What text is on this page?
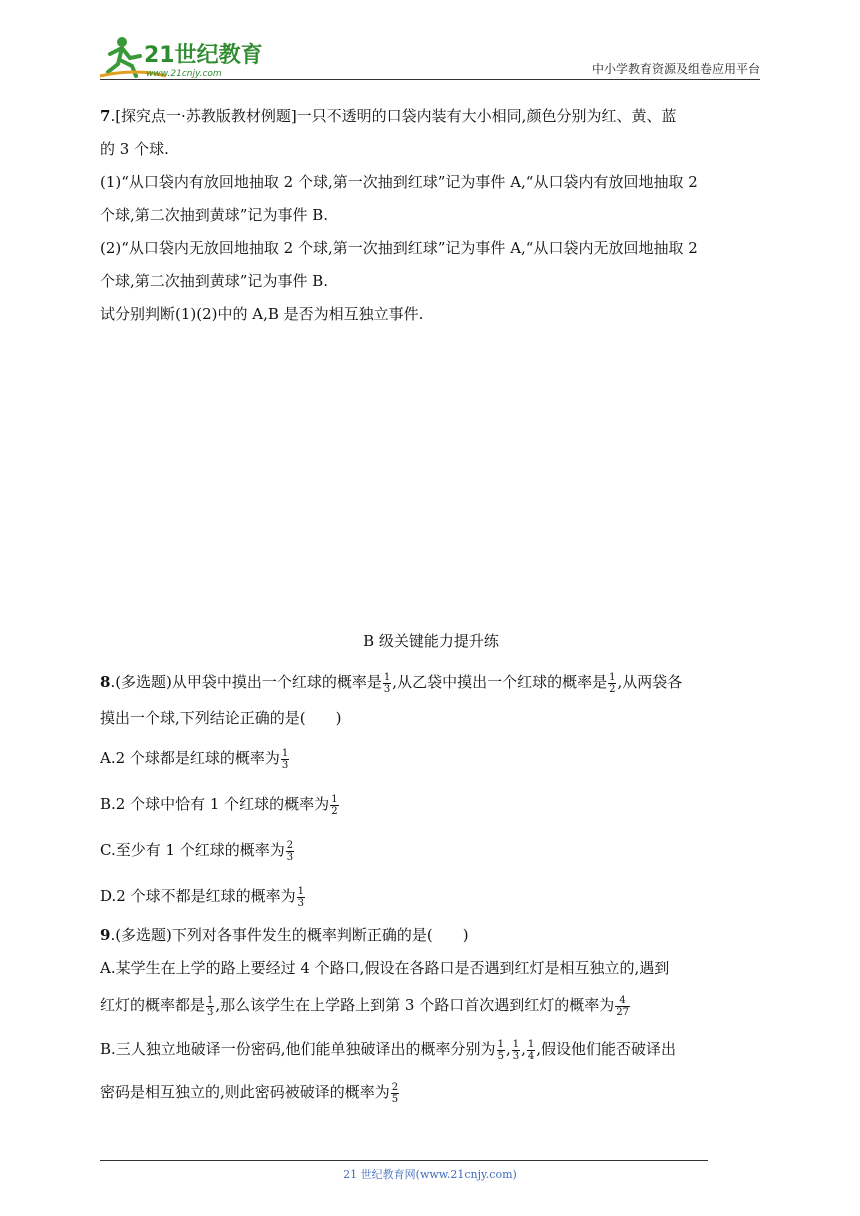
21世纪教育
www.21cnjy.com	中小学教育资源及组卷应用平台

7.[探究点一·苏教版教材例题]一只不透明的口袋内装有大小相同,颜色分别为红、黄、蓝

的 3 个球.

(1)“从口袋内有放回地抽取 2 个球,第一次抽到红球”记为事件 A,“从口袋内有放回地抽取 2

个球,第二次抽到黄球”记为事件 B.

(2)“从口袋内无放回地抽取 2 个球,第一次抽到红球”记为事件 A,“从口袋内无放回地抽取 2

个球,第二次抽到黄球”记为事件 B.

试分别判断(1)(2)中的 A,B 是否为相互独立事件.

B 级关键能力提升练

8.(多选题)从甲袋中摸出一个红球的概率是 $\frac{1}{3}$ ,从乙袋中摸出一个红球的概率是 $\frac{1}{2}$ ,从两袋各

摸出一个球,下列结论正确的是(　　)

A.2 个球都是红球的概率为 $\frac{1}{3}$

B.2 个球中恰有 1 个红球的概率为 $\frac{1}{2}$

C.至少有 1 个红球的概率为 $\frac{2}{3}$

D.2 个球不都是红球的概率为 $\frac{1}{3}$

9.(多选题)下列对各事件发生的概率判断正确的是(　　)

A.某学生在上学的路上要经过 4 个路口,假设在各路口是否遇到红灯是相互独立的,遇到

红灯的概率都是 $\frac{1}{3}$ ,那么该学生在上学路上到第 3 个路口首次遇到红灯的概率为 $\frac{4}{27}$

B.三人独立地破译一份密码,他们能单独破译出的概率分别为 $\frac{1}{5}$ , $\frac{1}{3}$ , $\frac{1}{4}$ ,假设他们能否破译出

密码是相互独立的,则此密码被破译的概率为 $\frac{2}{5}$

21 世纪教育网(www.21cnjy.com)
